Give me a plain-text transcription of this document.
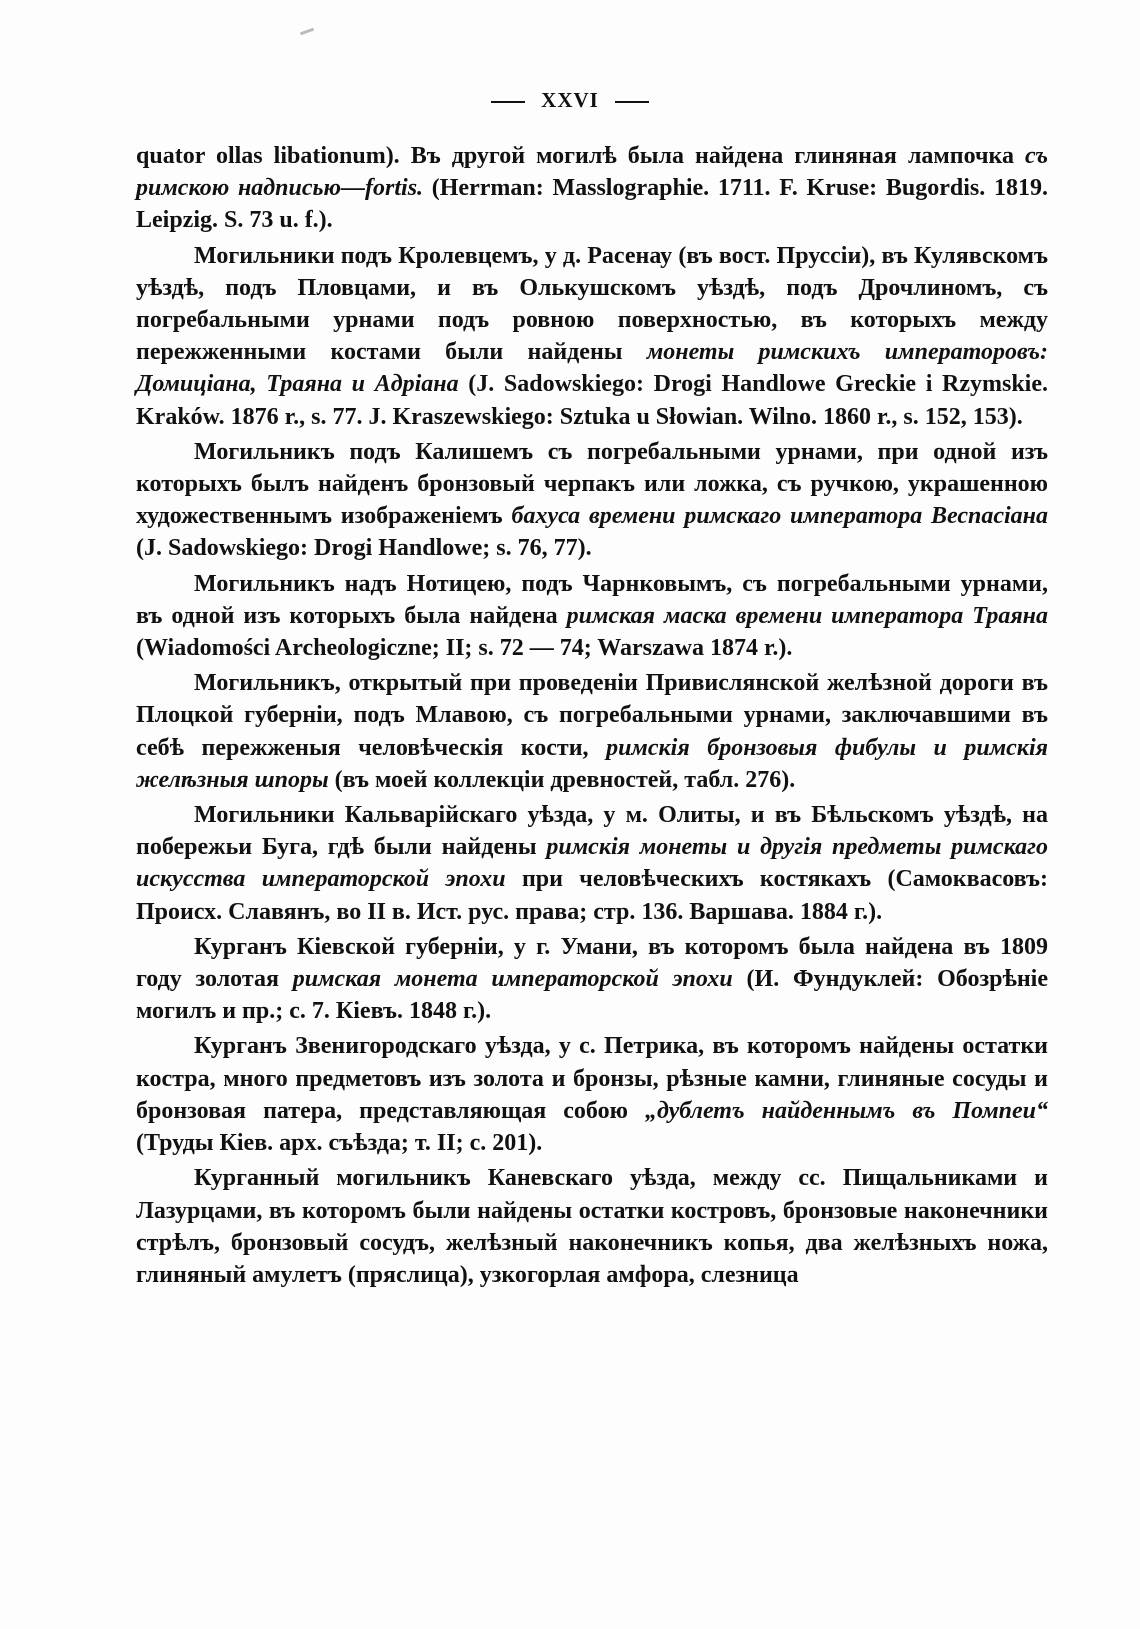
XXVI

quator ollas libationum). Въ другой могилѣ была найдена глиняная лампочка съ римскою надписью—fortis. (Herrman: Masslographie. 1711. F. Kruse: Bugordis. 1819. Leipzig. S. 73 u. f.).

Могильники подъ Кролевцемъ, у д. Расенау (въ вост. Пруссіи), въ Кулявскомъ уѣздѣ, подъ Пловцами, и въ Олькушскомъ уѣздѣ, подъ Дрочлиномъ, съ погребальными урнами подъ ровною поверхностью, въ которыхъ между пережженными костами были найдены монеты римскихъ императоровъ: Домиціана, Траяна и Адріана (J. Sadowskiego: Drogi Handlowe Greckie i Rzymskie. Kraków. 1876 r., s. 77. J. Kraszewskiego: Sztuka u Słowian. Wilno. 1860 r., s. 152, 153).

Могильникъ подъ Калишемъ съ погребальными урнами, при одной изъ которыхъ былъ найденъ бронзовый черпакъ или ложка, съ ручкою, украшенною художественнымъ изображеніемъ бахуса времени римскаго императора Веспасіана (J. Sadowskiego: Drogi Handlowe; s. 76, 77).

Могильникъ надъ Нотицею, подъ Чарнковымъ, съ погребальными урнами, въ одной изъ которыхъ была найдена римская маска времени императора Траяна (Wiadomości Archeologiczne; II; s. 72 — 74; Warszawa 1874 r.).

Могильникъ, открытый при проведеніи Привислянской желѣзной дороги въ Плоцкой губерніи, подъ Млавою, съ погребальными урнами, заключавшими въ себѣ пережженыя человѣческія кости, римскія бронзовыя фибулы и римскія желѣзныя шпоры (въ моей коллекціи древностей, табл. 276).

Могильники Кальварійскаго уѣзда, у м. Олиты, и въ Бѣльскомъ уѣздѣ, на побережьи Буга, гдѣ были найдены римскія монеты и другія предметы римскаго искусства императорской эпохи при человѣческихъ костякахъ (Самоквасовъ: Происх. Славянъ, во II в. Ист. рус. права; стр. 136. Варшава. 1884 г.).

Курганъ Кіевской губерніи, у г. Умани, въ которомъ была найдена въ 1809 году золотая римская монета императорской эпохи (И. Фундуклей: Обозрѣніе могилъ и пр.; с. 7. Кіевъ. 1848 г.).

Курганъ Звенигородскаго уѣзда, у с. Петрика, въ которомъ найдены остатки костра, много предметовъ изъ золота и бронзы, рѣзные камни, глиняные сосуды и бронзовая патера, представляющая собою „дублетъ найденнымъ въ Помпеи“ (Труды Кіев. арх. съѣзда; т. II; с. 201).

Курганный могильникъ Каневскаго уѣзда, между сс. Пищальниками и Лазурцами, въ которомъ были найдены остатки костровъ, бронзовые наконечники стрѣлъ, бронзовый сосудъ, желѣзный наконечникъ копья, два желѣзныхъ ножа, глиняный амулетъ (пряслица), узкогорлая амфора, слезница
